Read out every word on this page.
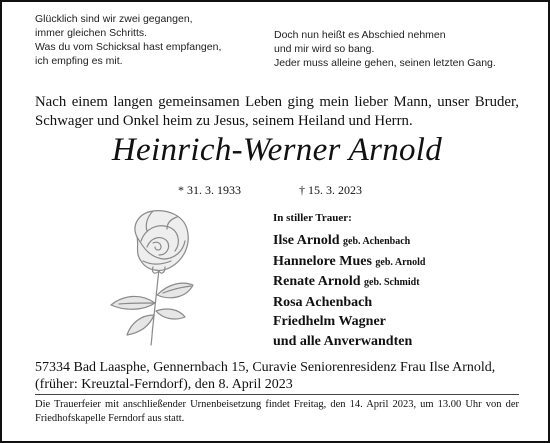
Glücklich sind wir zwei gegangen,
immer gleichen Schritts.
Was du vom Schicksal hast empfangen,
ich empfing es mit.
Doch nun heißt es Abschied nehmen
und mir wird so bang.
Jeder muss alleine gehen, seinen letzten Gang.
Nach einem langen gemeinsamen Leben ging mein lieber Mann, unser Bruder, Schwager und Onkel heim zu Jesus, seinem Heiland und Herrn.
Heinrich-Werner Arnold
* 31. 3. 1933	† 15. 3. 2023
In stiller Trauer:
Ilse Arnold geb. Achenbach
Hannelore Mues geb. Arnold
Renate Arnold geb. Schmidt
Rosa Achenbach
Friedhelm Wagner
und alle Anverwandten
57334 Bad Laasphe, Gennernbach 15, Curavie Seniorenresidenz Frau Ilse Arnold,
(früher: Kreuztal-Ferndorf), den 8. April 2023
Die Trauerfeier mit anschließender Urnenbeisetzung findet Freitag, den 14. April 2023, um 13.00 Uhr von der Friedhofskapelle Ferndorf aus statt.
